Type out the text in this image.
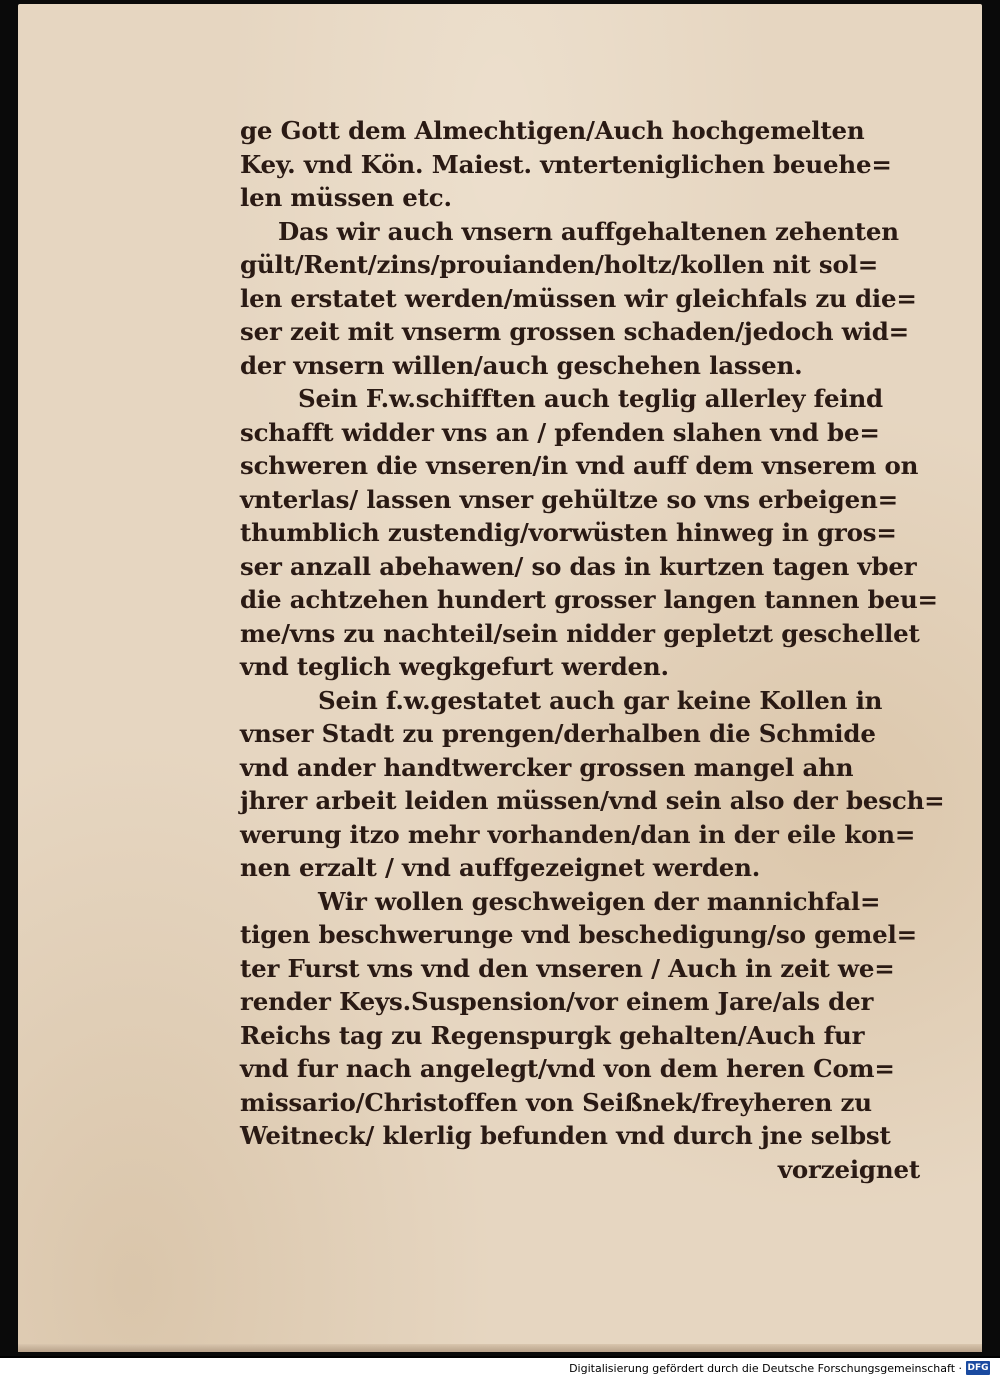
ge Gott dem Almechtigen/Auch hochgemelten
Key. vnd Kön. Maiest. vnterteniglichen beuehe=
len müssen etc.
Das wir auch vnsern auffgehaltenen zehenten
gült/Rent/zins/prouianden/holtz/kollen nit sol=
len erstatet werden/müssen wir gleichfals zu die=
ser zeit mit vnserm grossen schaden/jedoch wid=
der vnsern willen/auch geschehen lassen.
Sein F.w.schifften auch teglig allerley feind
schafft widder vns an / pfenden slahen vnd be=
schweren die vnseren/in vnd auff dem vnserem on
vnterlas/ lassen vnser gehültze so vns erbeigen=
thumblich zustendig/vorwüsten hinweg in gros=
ser anzall abehawen/ so das in kurtzen tagen vber
die achtzehen hundert grosser langen tannen beu=
me/vns zu nachteil/sein nidder gepletzt geschellet
vnd teglich wegkgefurt werden.
Sein f.w.gestatet auch gar keine Kollen in
vnser Stadt zu prengen/derhalben die Schmide
vnd ander handtwercker grossen mangel ahn
jhrer arbeit leiden müssen/vnd sein also der besch=
werung itzo mehr vorhanden/dan in der eile kon=
nen erzalt / vnd auffgezeignet werden.
Wir wollen geschweigen der mannichfal=
tigen beschwerunge vnd beschedigung/so gemel=
ter Furst vns vnd den vnseren / Auch in zeit we=
render Keys.Suspension/vor einem Jare/als der
Reichs tag zu Regenspurgk gehalten/Auch fur
vnd fur nach angelegt/vnd von dem heren Com=
missario/Christoffen von Seißnek/freyheren zu
Weitneck/ klerlig befunden vnd durch jne selbst
vorzeignet
Digitalisierung gefördert durch die Deutsche Forschungsgemeinschaft · DFG
